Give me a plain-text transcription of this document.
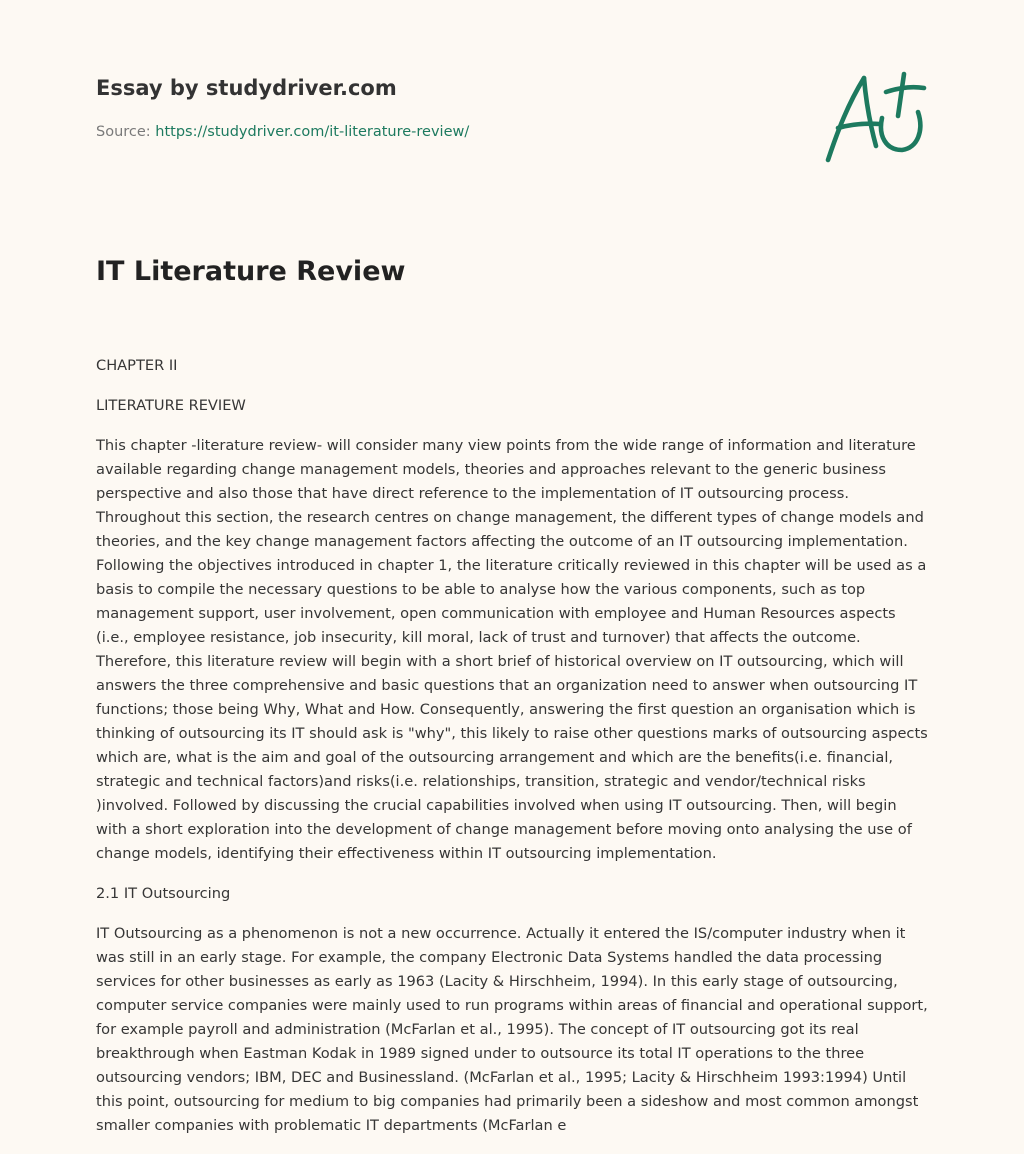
Essay by studydriver.com
Source: https://studydriver.com/it-literature-review/
IT Literature Review

CHAPTER II

LITERATURE REVIEW

This chapter -literature review- will consider many view points from the wide range of information and literature available regarding change management models, theories and approaches relevant to the generic business perspective and also those that have direct reference to the implementation of IT outsourcing process. Throughout this section, the research centres on change management, the different types of change models and theories, and the key change management factors affecting the outcome of an IT outsourcing implementation. Following the objectives introduced in chapter 1, the literature critically reviewed in this chapter will be used as a basis to compile the necessary questions to be able to analyse how the various components, such as top management support, user involvement, open communication with employee and Human Resources aspects (i.e., employee resistance, job insecurity, kill moral, lack of trust and turnover) that affects the outcome. Therefore, this literature review will begin with a short brief of historical overview on IT outsourcing, which will answers the three comprehensive and basic questions that an organization need to answer when outsourcing IT functions; those being Why, What and How. Consequently, answering the first question an organisation which is thinking of outsourcing its IT should ask is "why", this likely to raise other questions marks of outsourcing aspects which are, what is the aim and goal of the outsourcing arrangement and which are the benefits(i.e. financial, strategic and technical factors)and risks(i.e. relationships, transition, strategic and vendor/technical risks )involved. Followed by discussing the crucial capabilities involved when using IT outsourcing. Then, will begin with a short exploration into the development of change management before moving onto analysing the use of change models, identifying their effectiveness within IT outsourcing implementation.

2.1 IT Outsourcing

IT Outsourcing as a phenomenon is not a new occurrence. Actually it entered the IS/computer industry when it was still in an early stage. For example, the company Electronic Data Systems handled the data processing services for other businesses as early as 1963 (Lacity & Hirschheim, 1994). In this early stage of outsourcing, computer service companies were mainly used to run programs within areas of financial and operational support, for example payroll and administration (McFarlan et al., 1995). The concept of IT outsourcing got its real breakthrough when Eastman Kodak in 1989 signed under to outsource its total IT operations to the three outsourcing vendors; IBM, DEC and Businessland. (McFarlan et al., 1995; Lacity & Hirschheim 1993:1994) Until this point, outsourcing for medium to big companies had primarily been a sideshow and most common amongst smaller companies with problematic IT departments (McFarlan e
